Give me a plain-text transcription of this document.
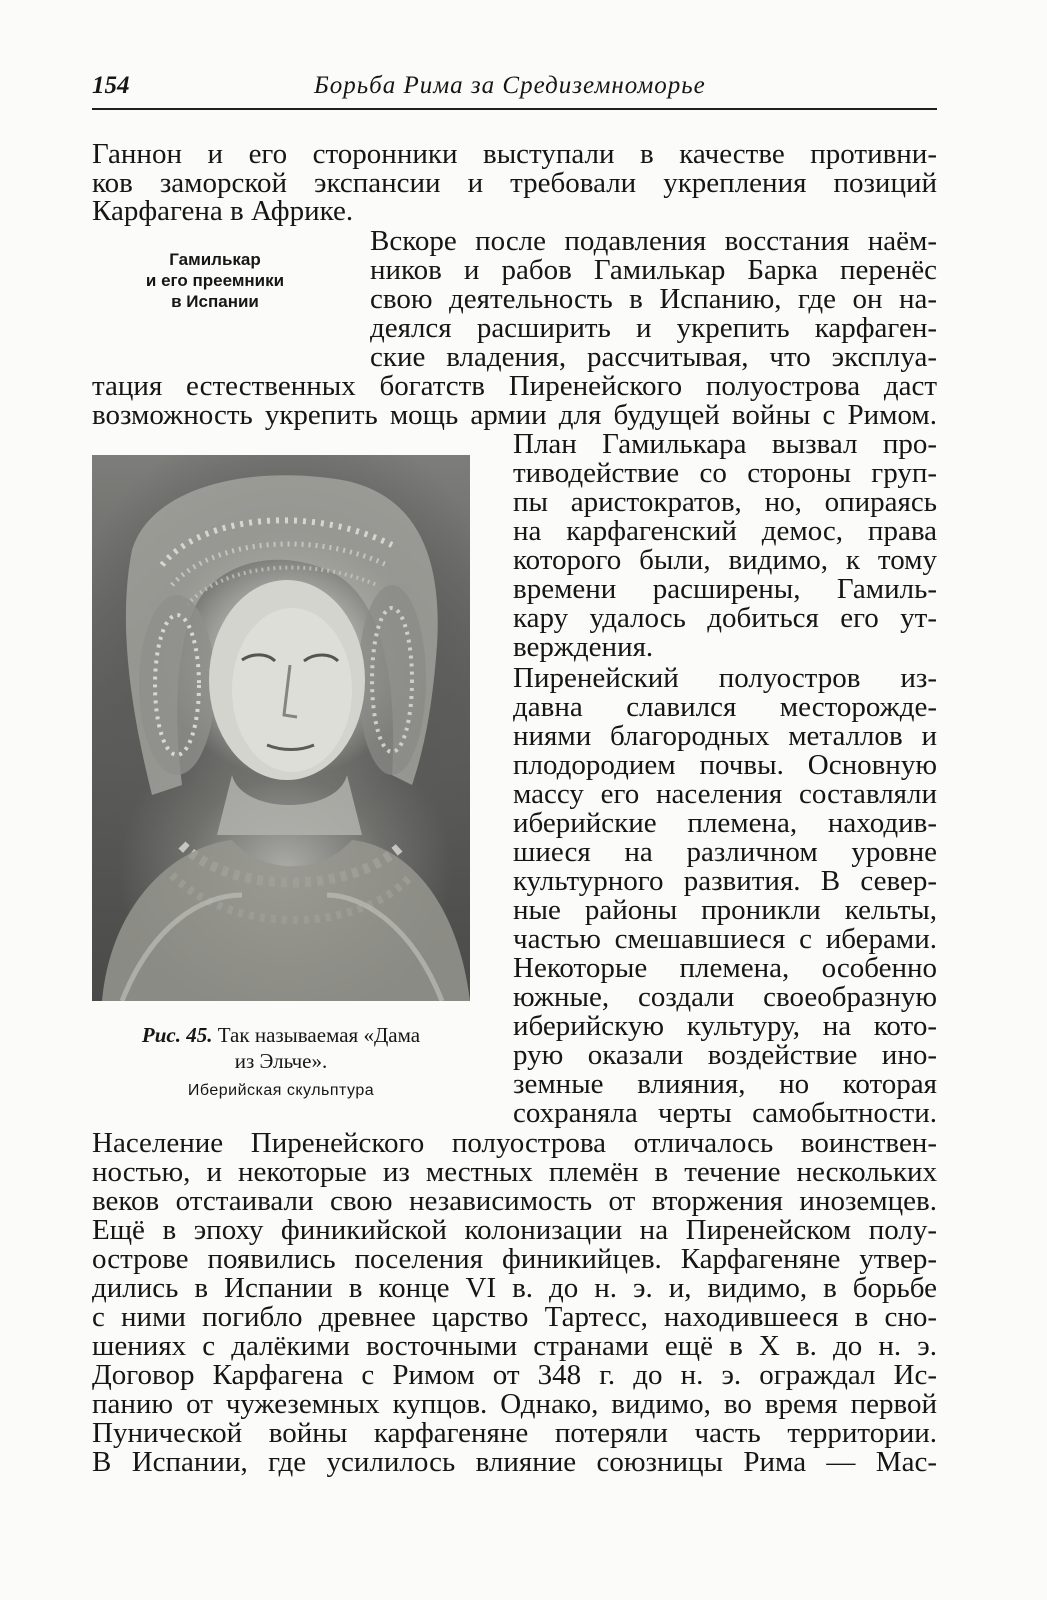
154	Борьба Рима за Средиземноморье
Ганнон и его сторонники выступали в качестве противни-
ков заморской экспансии и требовали укрепления позиций
Карфагена в Африке.
Гамилькар
и его преемники
в Испании
Вскоре после подавления восстания наём-
ников и рабов Гамилькар Барка перенёс
свою деятельность в Испанию, где он на-
деялся расширить и укрепить карфаген-
ские владения, рассчитывая, что эксплуа-
тация естественных богатств Пиренейского полуострова даст
возможность укрепить мощь армии для будущей войны с Римом.
План Гамилькара вызвал про-
тиводействие со стороны груп-
пы аристократов, но, опираясь
на карфагенский демос, права
которого были, видимо, к тому
времени расширены, Гамиль-
кару удалось добиться его ут-
верждения.
Пиренейский полуостров из-
давна славился месторожде-
ниями благородных металлов и
плодородием почвы. Основную
массу его населения составляли
иберийские племена, находив-
шиеся на различном уровне
культурного развития. В север-
ные районы проникли кельты,
частью смешавшиеся с иберами.
Некоторые племена, особенно
южные, создали своеобразную
иберийскую культуру, на кото-
рую оказали воздействие ино-
земные влияния, но которая
сохраняла черты самобытности.
Рис. 45. Так называемая «Дама
из Эльче».
Иберийская скульптура
Население Пиренейского полуострова отличалось воинствен-
ностью, и некоторые из местных племён в течение нескольких
веков отстаивали свою независимость от вторжения иноземцев.
Ещё в эпоху финикийской колонизации на Пиренейском полу-
острове появились поселения финикийцев. Карфагеняне утвер-
дились в Испании в конце VI в. до н. э. и, видимо, в борьбе
с ними погибло древнее царство Тартесс, находившееся в сно-
шениях с далёкими восточными странами ещё в X в. до н. э.
Договор Карфагена с Римом от 348 г. до н. э. ограждал Ис-
панию от чужеземных купцов. Однако, видимо, во время первой
Пунической войны карфагеняне потеряли часть территории.
В Испании, где усилилось влияние союзницы Рима — Мас-
